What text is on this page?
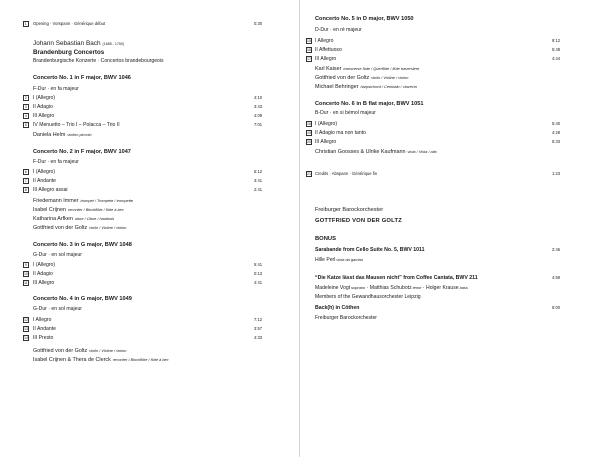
1	Opening · Vorspann · Générique début	0:30
Johann Sebastian Bach (1685 - 1750)
Brandenburg Concertos
Brandenburgische Konzerte · Concertos brandebourgeois
Concerto No. 1 in F major, BWV 1046
F-Dur · en fa majeur
2	I (Allegro)	4:10
3	II Adagio	3:43
4	III Allegro	4:09
5	IV Menuetto – Trio I – Polacca – Trio II	7:01
Daniela Helm violino piccolo
Concerto No. 2 in F major, BWV 1047
F-Dur · en fa majeur
6	I (Allegro)	5:12
7	II Andante	3:41
8	III Allegro assai	2:41
Friedemann Immer trumpet / Trompete / trompette
Isabel Crijnen recorder / Blockflöte / flûte à bec
Katharina Arfken oboe / Oboe / hautbois
Gottfried von der Goltz violin / Violine / violon
Concerto No. 3 in G major, BWV 1048
G-Dur · en sol majeur
9	I (Allegro)	5:41
10 II Adagio	0:13
11 III Allegro	4:41
Concerto No. 4 in G major, BWV 1049
G-Dur · en sol majeur
12 I Allegro	7:12
13 II Andante	3:57
14 III Presto	4:33
Gottfried von der Goltz violin / Violine / violon
Isabel Crijnen & Thera de Clerck recorder / Blockflöte / flûte à bec
Concerto No. 5 in D major, BWV 1050
D-Dur · en ré majeur
15 I Allegro	9:12
16 II Affettuoso	5:48
17 III Allegro	4:44
Karl Kaiser transverse flute / Querflöte / flûte traversière
Gottfried von der Goltz violin / Violine / violon
Michael Behringer harpsichord / Cembalo / clavecin
Concerto No. 6 in B flat major, BWV 1051
B-Dur · en si bémol majeur
18 I (Allegro)	5:40
19 II Adagio ma non tanto	4:28
20 III Allegro	5:33
Christian Goosses & Ulrike Kaufmann viola / Viola / alto
21 Credits · Abspann · Générique fin	1:23
Freiburger Barockorchester
GOTTFRIED VON DER GOLTZ
BONUS
Sarabande from Cello Suite No. 5, BWV 1011	2:46
Hille Perlviola da gamba
“Die Katze lässt das Mausen nicht” from Coffee Cantata, BWV 211	4:59
Madeleine Vogtsoprano · Matthias Schubotztenor · Holger Krausebass
Members of the Gewandhausorchester Leipzig
Back(h) in Cöthen	6:00
Freiburger Barockorchester
